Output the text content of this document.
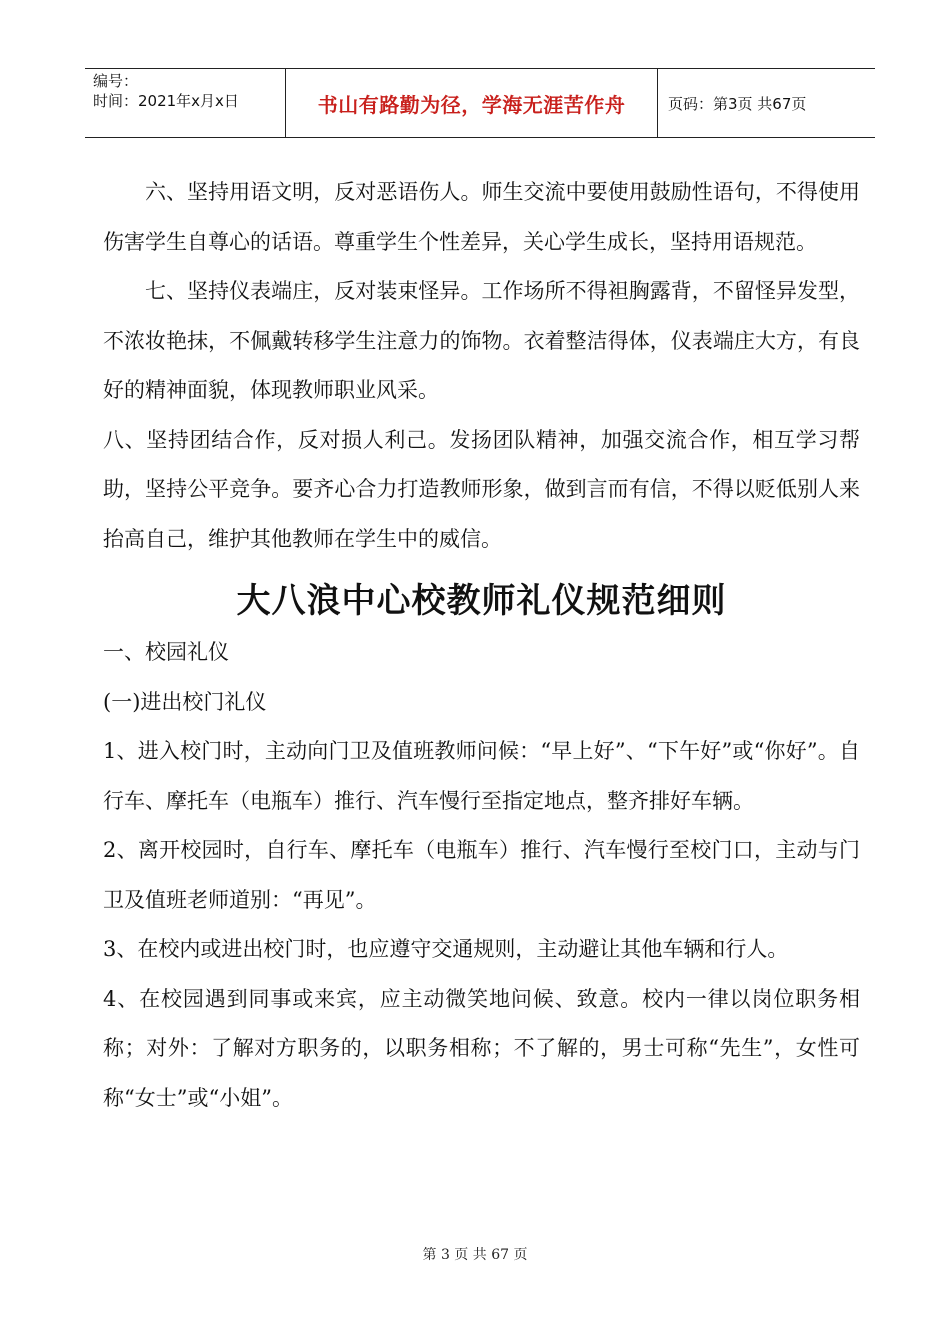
编号：
时间：2021年x月x日	书山有路勤为径，学海无涯苦作舟	页码：第3页 共67页

六、坚持用语文明，反对恶语伤人。师生交流中要使用鼓励性语句，不得使用伤害学生自尊心的话语。尊重学生个性差异，关心学生成长，坚持用语规范。

七、坚持仪表端庄，反对装束怪异。工作场所不得袒胸露背，不留怪异发型，不浓妆艳抹，不佩戴转移学生注意力的饰物。衣着整洁得体，仪表端庄大方，有良好的精神面貌，体现教师职业风采。

八、坚持团结合作，反对损人利己。发扬团队精神，加强交流合作，相互学习帮助，坚持公平竞争。要齐心合力打造教师形象，做到言而有信，不得以贬低别人来抬高自己，维护其他教师在学生中的威信。

大八浪中心校教师礼仪规范细则

一、校园礼仪

(一)进出校门礼仪

1、进入校门时，主动向门卫及值班教师问候：“早上好”、“下午好”或“你好”。自行车、摩托车（电瓶车）推行、汽车慢行至指定地点，整齐排好车辆。

2、离开校园时，自行车、摩托车（电瓶车）推行、汽车慢行至校门口，主动与门卫及值班老师道别：“再见”。

3、在校内或进出校门时，也应遵守交通规则，主动避让其他车辆和行人。

4、在校园遇到同事或来宾，应主动微笑地问候、致意。校内一律以岗位职务相称；对外：了解对方职务的，以职务相称；不了解的，男士可称“先生”，女性可称“女士”或“小姐”。

第 3 页 共 67 页
